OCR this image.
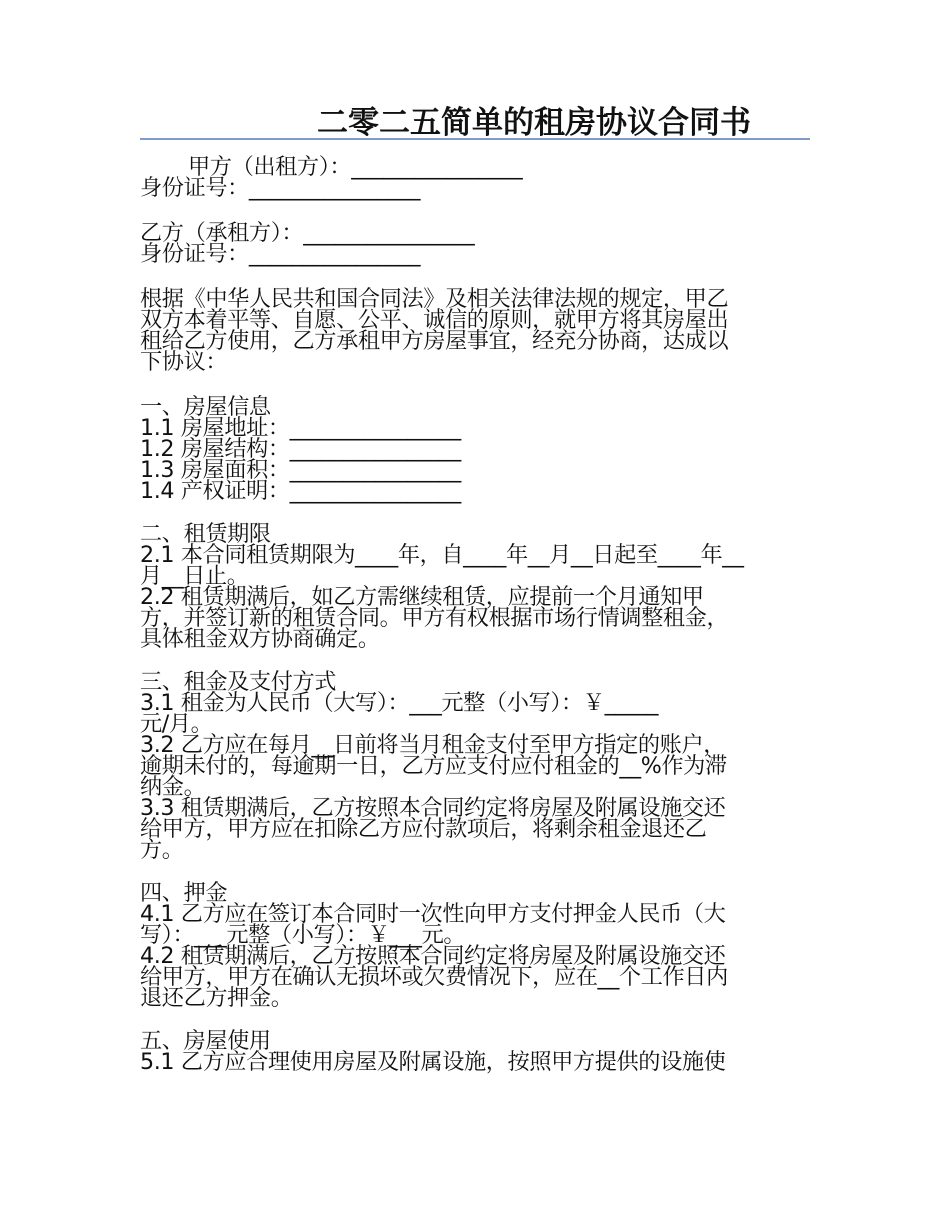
二零二五简单的租房协议合同书
甲方（出租方）：________________
身份证号：________________
乙方（承租方）：________________
身份证号：________________
根据《中华人民共和国合同法》及相关法律法规的规定，甲乙
双方本着平等、自愿、公平、诚信的原则，就甲方将其房屋出
租给乙方使用，乙方承租甲方房屋事宜，经充分协商，达成以
下协议：
一、房屋信息
1.1 房屋地址：________________
1.2 房屋结构：________________
1.3 房屋面积：________________
1.4 产权证明：________________
二、租赁期限
2.1 本合同租赁期限为____年，自____年__月__日起至____年__
月__日止。
2.2 租赁期满后，如乙方需继续租赁，应提前一个月通知甲
方，并签订新的租赁合同。甲方有权根据市场行情调整租金，
具体租金双方协商确定。
三、租金及支付方式
3.1 租金为人民币（大写）：___元整（小写）：￥_____
元/月。
3.2 乙方应在每月__日前将当月租金支付至甲方指定的账户，
逾期未付的，每逾期一日，乙方应支付应付租金的__%作为滞
纳金。
3.3 租赁期满后，乙方按照本合同约定将房屋及附属设施交还
给甲方，甲方应在扣除乙方应付款项后，将剩余租金退还乙
方。
四、押金
4.1 乙方应在签订本合同时一次性向甲方支付押金人民币（大
写）：___元整（小写）：￥___元。
4.2 租赁期满后，乙方按照本合同约定将房屋及附属设施交还
给甲方，甲方在确认无损坏或欠费情况下，应在__个工作日内
退还乙方押金。
五、房屋使用
5.1 乙方应合理使用房屋及附属设施，按照甲方提供的设施使
